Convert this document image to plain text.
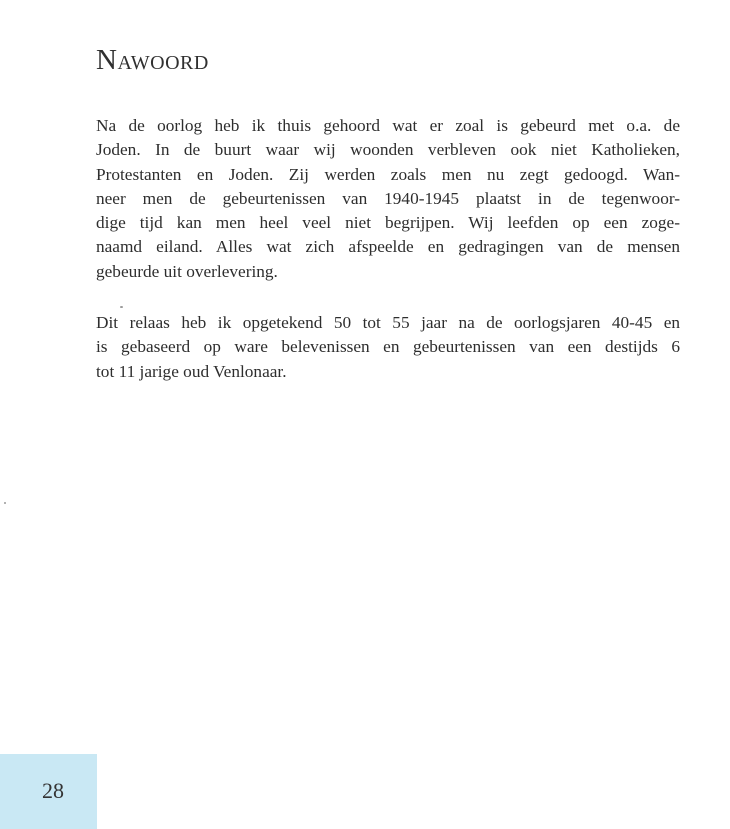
Nawoord
Na de oorlog heb ik thuis gehoord wat er zoal is gebeurd met o.a. de
Joden. In de buurt waar wij woonden verbleven ook niet Katholieken,
Protestanten en Joden. Zij werden zoals men nu zegt gedoogd. Wan-
neer men de gebeurtenissen van 1940-1945 plaatst in de tegenwoor-
dige tijd kan men heel veel niet begrijpen. Wij leefden op een zoge-
naamd eiland. Alles wat zich afspeelde en gedragingen van de mensen
gebeurde uit overlevering.
Dit relaas heb ik opgetekend 50 tot 55 jaar na de oorlogsjaren 40-45 en
is gebaseerd op ware belevenissen en gebeurtenissen van een destijds 6
tot 11 jarige oud Venlonaar.
28
